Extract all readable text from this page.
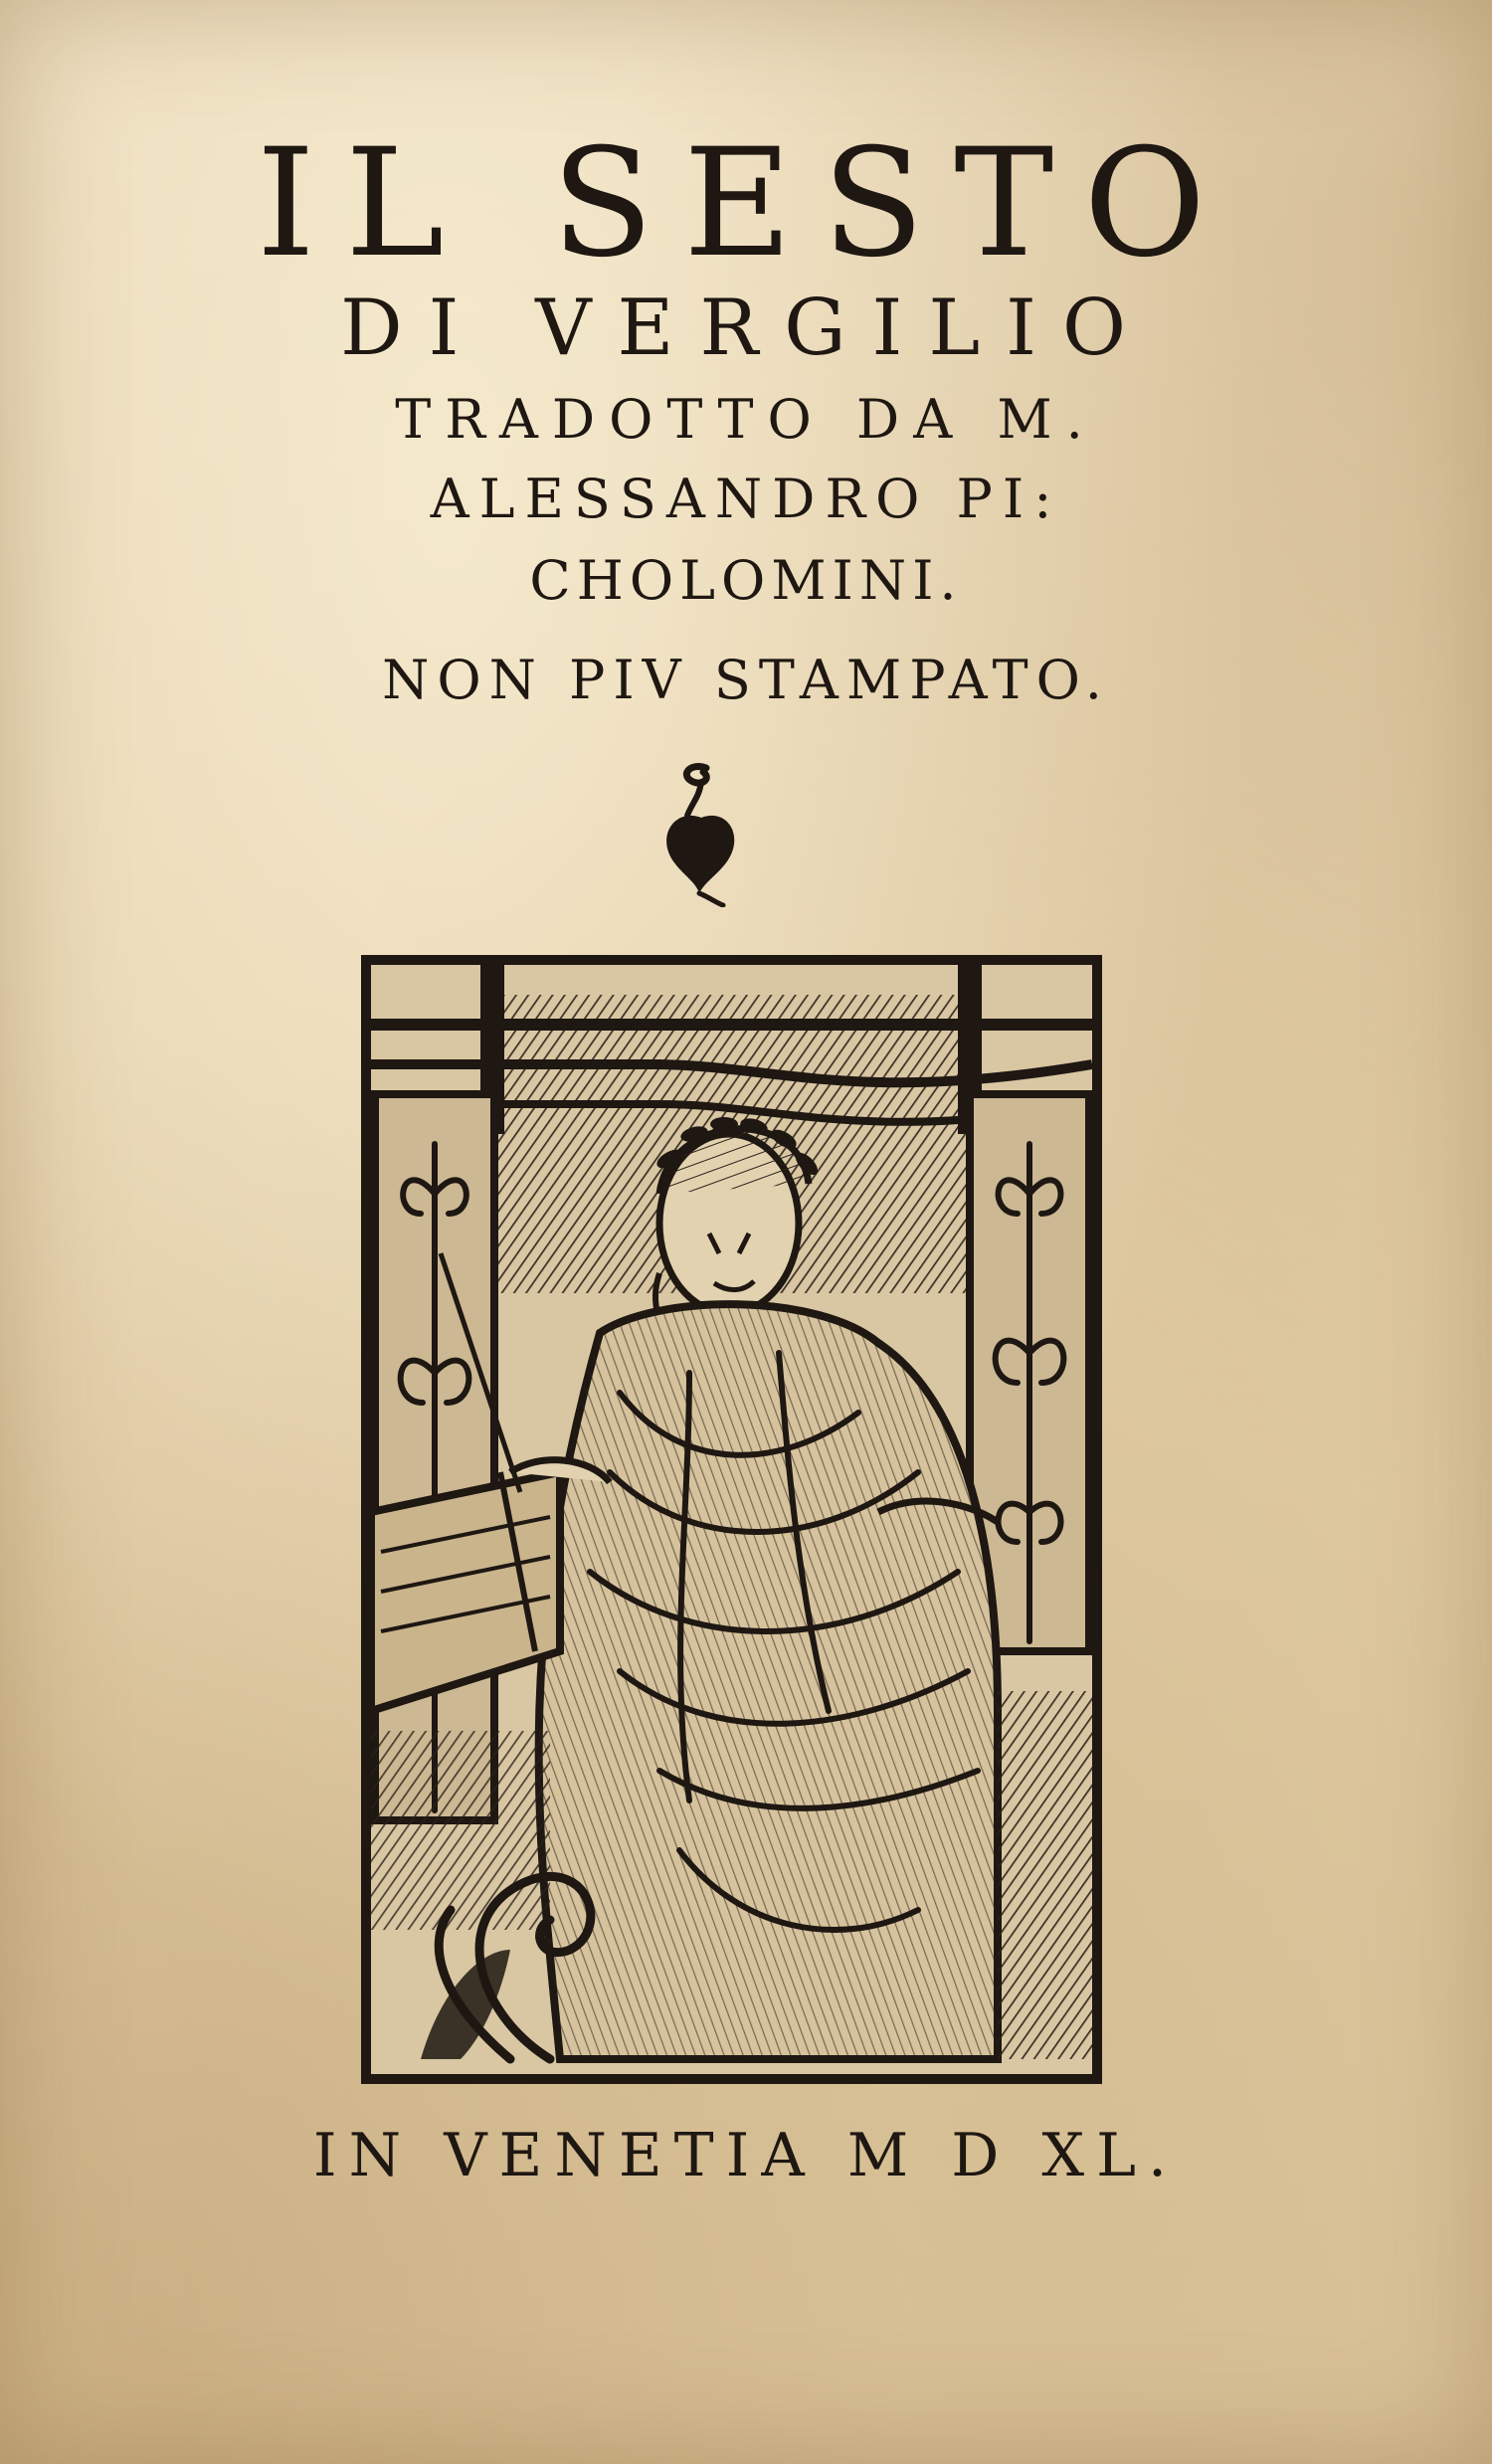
IL SESTO
DI VERGILIO
TRADOTTO DA M.
ALESSANDRO PI:
CHOLOMINI.
NON PIV STAMPATO.
IN VENETIA M D XL.
